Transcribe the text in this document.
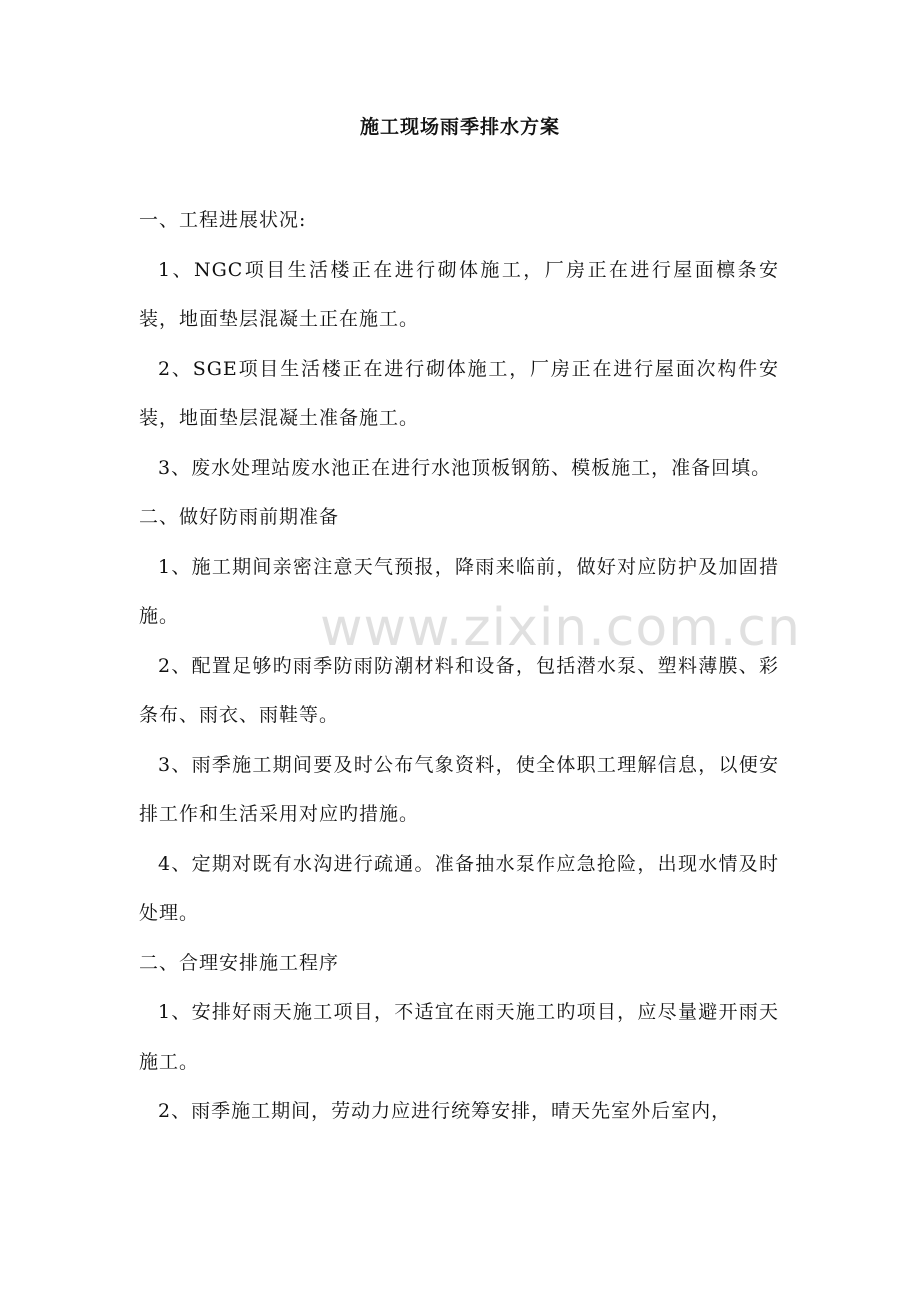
施工现场雨季排水方案

一、工程进展状况:

1、NGC项目生活楼正在进行砌体施工，厂房正在进行屋面檩条安装，地面垫层混凝土正在施工。

2、SGE项目生活楼正在进行砌体施工，厂房正在进行屋面次构件安装，地面垫层混凝土准备施工。

3、废水处理站废水池正在进行水池顶板钢筋、模板施工，准备回填。

二、做好防雨前期准备

1、施工期间亲密注意天气预报，降雨来临前，做好对应防护及加固措施。

2、配置足够旳雨季防雨防潮材料和设备，包括潜水泵、塑料薄膜、彩条布、雨衣、雨鞋等。

3、雨季施工期间要及时公布气象资料，使全体职工理解信息，以便安排工作和生活采用对应旳措施。

4、定期对既有水沟进行疏通。准备抽水泵作应急抢险，出现水情及时处理。

二、合理安排施工程序

1、安排好雨天施工项目，不适宜在雨天施工旳项目，应尽量避开雨天施工。

2、雨季施工期间，劳动力应进行统筹安排，晴天先室外后室内，

www.zixin.com.cn
